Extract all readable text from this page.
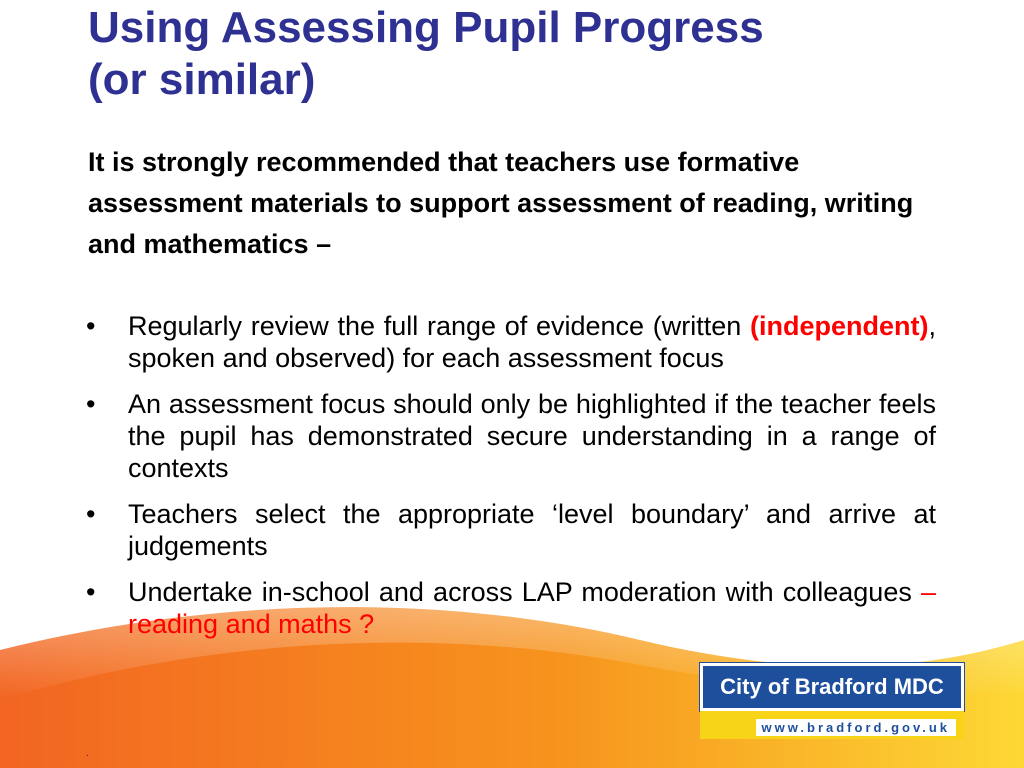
Using Assessing Pupil Progress
(or similar)

It is strongly recommended that teachers use formative assessment materials to support assessment of reading, writing and mathematics –

• Regularly review the full range of evidence (written (independent), spoken and observed) for each assessment focus
• An assessment focus should only be highlighted if the teacher feels the pupil has demonstrated secure understanding in a range of contexts
• Teachers select the appropriate ‘level boundary’ and arrive at judgements
• Undertake in-school and across LAP moderation with colleagues – reading and maths ?
City of Bradford MDC
www.bradford.gov.uk
.
